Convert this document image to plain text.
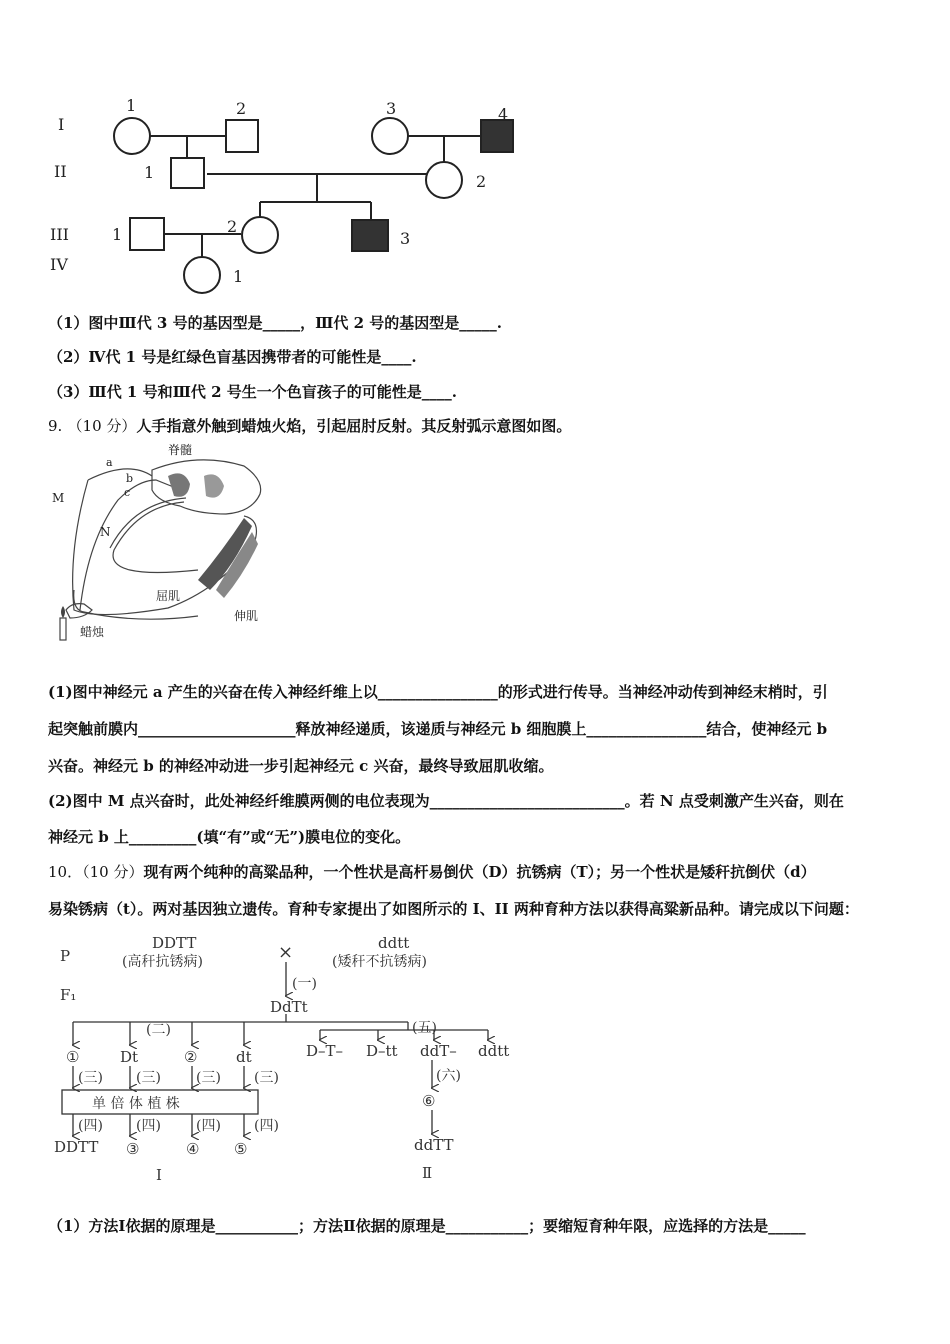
I
II
III
IV
1	2	3	4
1	2
1	2
3
1
（1）图中Ⅲ代 3 号的基因型是_____，Ⅲ代 2 号的基因型是_____.
（2）Ⅳ代 1 号是红绿色盲基因携带者的可能性是____.
（3）Ⅲ代 1 号和Ⅲ代 2 号生一个色盲孩子的可能性是____.
9. （10 分）人手指意外触到蜡烛火焰，引起屈肘反射。其反射弧示意图如图。
脊髓
a
b
c
M
N
屈肌
伸肌
蜡烛
(1)图中神经元 a 产生的兴奋在传入神经纤维上以________________的形式进行传导。当神经冲动传到神经末梢时，引
起突触前膜内_____________________释放神经递质，该递质与神经元 b 细胞膜上________________结合，使神经元 b
兴奋。神经元 b 的神经冲动进一步引起神经元 c 兴奋，最终导致屈肌收缩。
(2)图中 M 点兴奋时，此处神经纤维膜两侧的电位表现为__________________________。若 N 点受刺激产生兴奋，则在
神经元 b 上_________(填“有”或“无”)膜电位的变化。
10．（10 分）现有两个纯种的高粱品种，一个性状是高杆易倒伏（D）抗锈病（T）；另一个性状是矮秆抗倒伏（d）
易染锈病（t）。两对基因独立遗传。育种专家提出了如图所示的 I、II 两种育种方法以获得高粱新品种。请完成以下问题：
P
F₁
DDTT
(高秆抗锈病)	×	ddtt
(矮秆不抗锈病)
(一)
DdTt
(二)	(五)
①	Dt	②	dt
(三) (三)	(三) (三)
单 倍 体 植 株
(四) (四)	(四) (四)
DDTT ③	④ ⑤
I
D–T– D–tt ddT– ddtt
(六)
⑥
ddTT
Ⅱ
（1）方法Ⅰ依据的原理是___________；方法Ⅱ依据的原理是___________；要缩短育种年限，应选择的方法是_____
